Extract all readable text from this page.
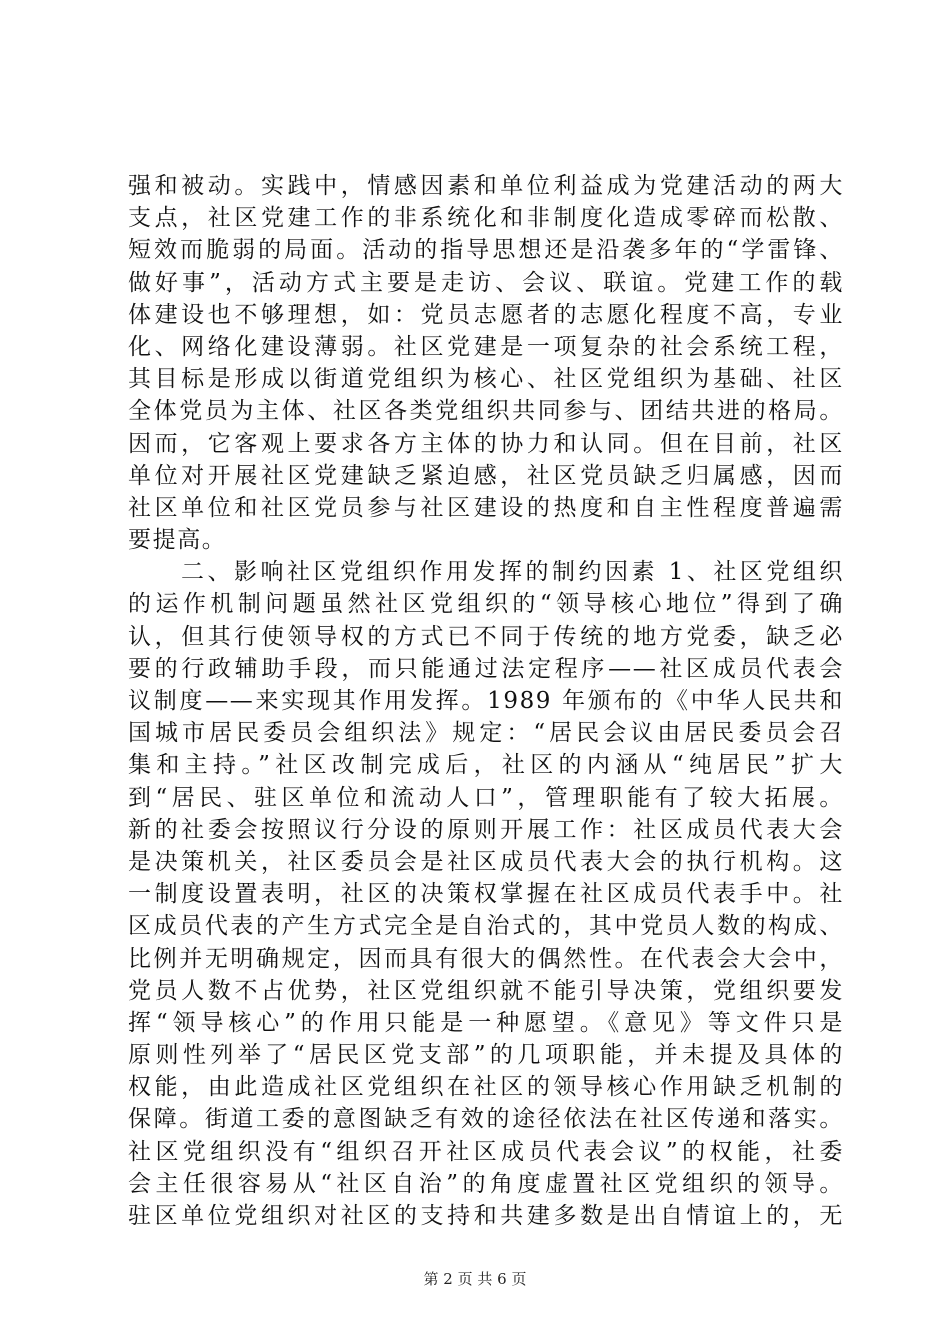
强和被动。实践中，情感因素和单位利益成为党建活动的两大
支点，社区党建工作的非系统化和非制度化造成零碎而松散、
短效而脆弱的局面。活动的指导思想还是沿袭多年的“学雷锋、
做好事”，活动方式主要是走访、会议、联谊。党建工作的载
体建设也不够理想，如：党员志愿者的志愿化程度不高，专业
化、网络化建设薄弱。社区党建是一项复杂的社会系统工程，
其目标是形成以街道党组织为核心、社区党组织为基础、社区
全体党员为主体、社区各类党组织共同参与、团结共进的格局。
因而，它客观上要求各方主体的协力和认同。但在目前，社区
单位对开展社区党建缺乏紧迫感，社区党员缺乏归属感，因而
社区单位和社区党员参与社区建设的热度和自主性程度普遍需
要提高。
　　二、影响社区党组织作用发挥的制约因素 1、社区党组织
的运作机制问题虽然社区党组织的“领导核心地位”得到了确
认，但其行使领导权的方式已不同于传统的地方党委，缺乏必
要的行政辅助手段，而只能通过法定程序——社区成员代表会
议制度——来实现其作用发挥。1989 年颁布的《中华人民共和
国城市居民委员会组织法》规定：“居民会议由居民委员会召
集和主持。”社区改制完成后，社区的内涵从“纯居民”扩大
到“居民、驻区单位和流动人口”，管理职能有了较大拓展。
新的社委会按照议行分设的原则开展工作：社区成员代表大会
是决策机关，社区委员会是社区成员代表大会的执行机构。这
一制度设置表明，社区的决策权掌握在社区成员代表手中。社
区成员代表的产生方式完全是自治式的，其中党员人数的构成、
比例并无明确规定，因而具有很大的偶然性。在代表会大会中，
党员人数不占优势，社区党组织就不能引导决策，党组织要发
挥“领导核心”的作用只能是一种愿望。《意见》等文件只是
原则性列举了“居民区党支部”的几项职能，并未提及具体的
权能，由此造成社区党组织在社区的领导核心作用缺乏机制的
保障。街道工委的意图缺乏有效的途径依法在社区传递和落实。
社区党组织没有“组织召开社区成员代表会议”的权能，社委
会主任很容易从“社区自治”的角度虚置社区党组织的领导。
驻区单位党组织对社区的支持和共建多数是出自情谊上的，无
第 2 页 共 6 页
